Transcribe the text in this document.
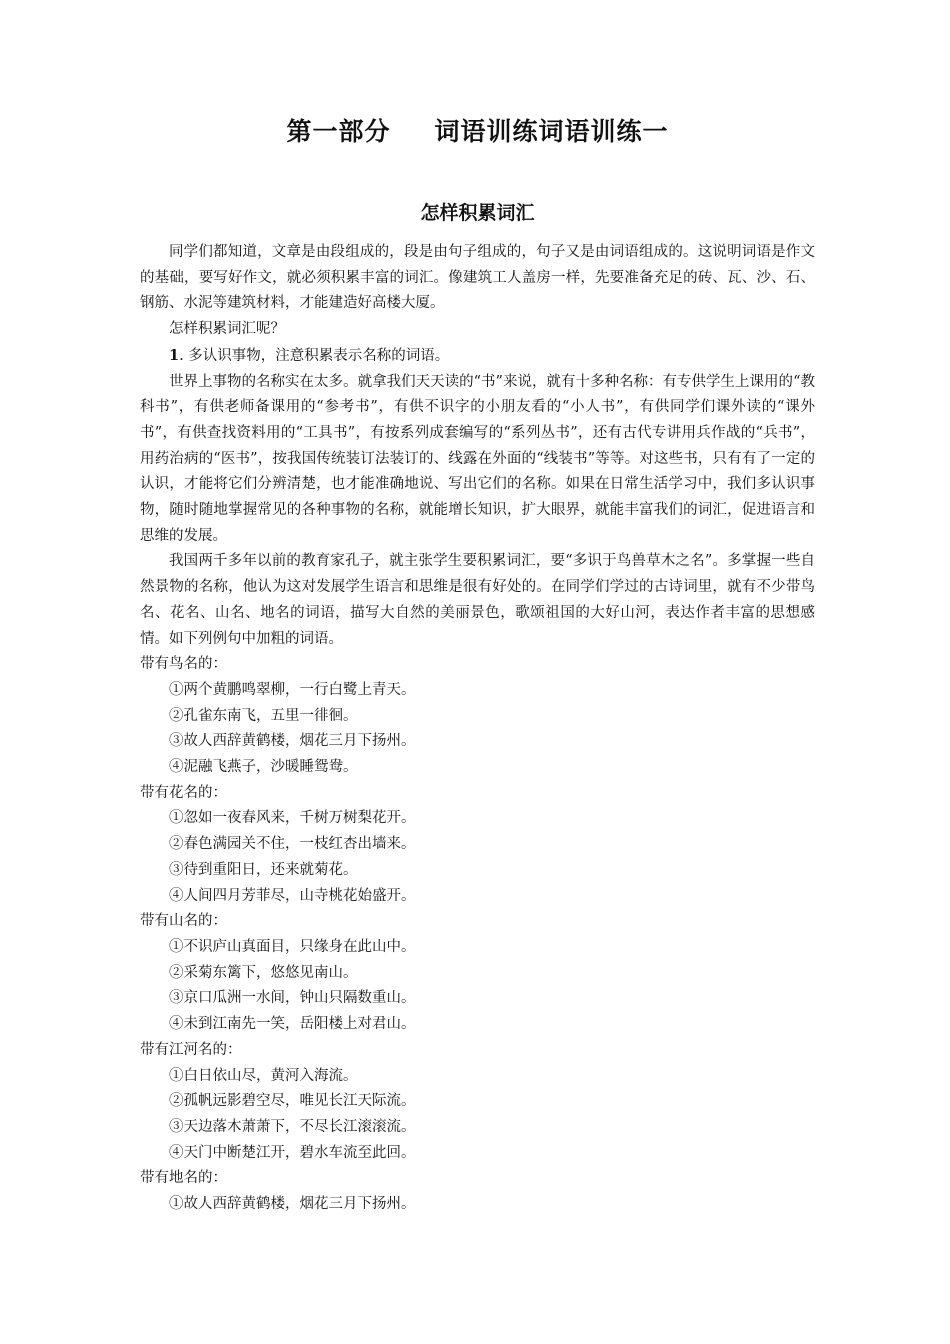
第一部分 词语训练词语训练一
怎样积累词汇

同学们都知道，文章是由段组成的，段是由句子组成的，句子又是由词语组成的。这说明词语是作文的基础，要写好作文，就必须积累丰富的词汇。像建筑工人盖房一样，先要准备充足的砖、瓦、沙、石、钢筋、水泥等建筑材料，才能建造好高楼大厦。

怎样积累词汇呢？

1. 多认识事物，注意积累表示名称的词语。

世界上事物的名称实在太多。就拿我们天天读的“书”来说，就有十多种名称：有专供学生上课用的“教科书”，有供老师备课用的“参考书”，有供不识字的小朋友看的“小人书”，有供同学们课外读的“课外书”，有供查找资料用的“工具书”，有按系列成套编写的“系列丛书”，还有古代专讲用兵作战的“兵书”，用药治病的“医书”，按我国传统装订法装订的、线露在外面的“线装书”等等。对这些书，只有有了一定的认识，才能将它们分辨清楚，也才能准确地说、写出它们的名称。如果在日常生活学习中，我们多认识事物，随时随地掌握常见的各种事物的名称，就能增长知识，扩大眼界，就能丰富我们的词汇，促进语言和思维的发展。

我国两千多年以前的教育家孔子，就主张学生要积累词汇，要“多识于鸟兽草木之名”。多掌握一些自然景物的名称，他认为这对发展学生语言和思维是很有好处的。在同学们学过的古诗词里，就有不少带鸟名、花名、山名、地名的词语，描写大自然的美丽景色，歌颂祖国的大好山河，表达作者丰富的思想感情。如下列例句中加粗的词语。

带有鸟名的：

①两个黄鹏鸣翠柳，一行白鹭上青天。

②孔雀东南飞，五里一徘徊。

③故人西辞黄鹤楼，烟花三月下扬州。

④泥融飞燕子，沙暖睡鸳鸯。

带有花名的：

①忽如一夜春风来，千树万树梨花开。

②春色满园关不住，一枝红杏出墙来。

③待到重阳日，还来就菊花。

④人间四月芳菲尽，山寺桃花始盛开。

带有山名的：

①不识庐山真面目，只缘身在此山中。

②采菊东篱下，悠悠见南山。

③京口瓜洲一水间，钟山只隔数重山。

④未到江南先一笑，岳阳楼上对君山。

带有江河名的：

①白日依山尽，黄河入海流。

②孤帆远影碧空尽，唯见长江天际流。

③天边落木萧萧下，不尽长江滚滚流。

④天门中断楚江开，碧水车流至此回。

带有地名的：

①故人西辞黄鹤楼，烟花三月下扬州。
